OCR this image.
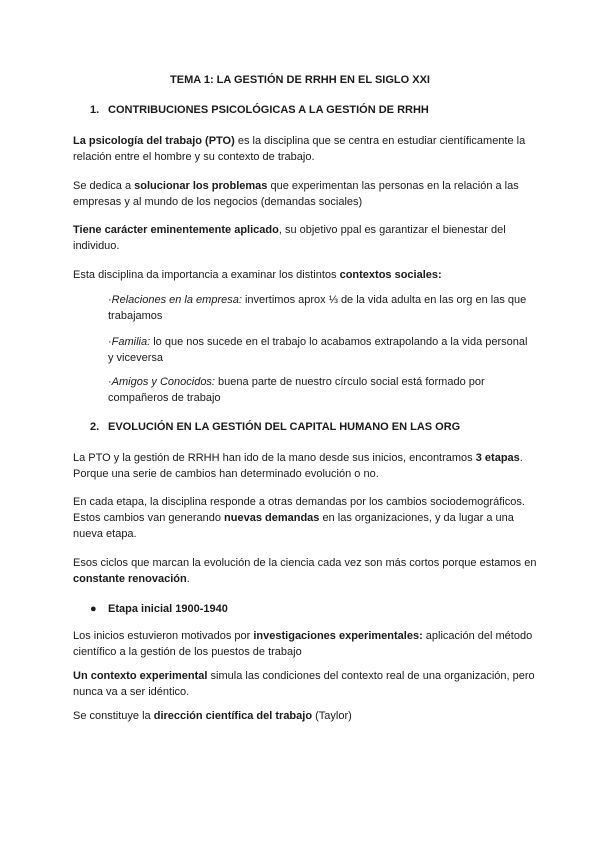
TEMA 1: LA GESTIÓN DE RRHH EN EL SIGLO XXI

1. CONTRIBUCIONES PSICOLÓGICAS A LA GESTIÓN DE RRHH

La psicología del trabajo (PTO) es la disciplina que se centra en estudiar científicamente la relación entre el hombre y su contexto de trabajo.

Se dedica a solucionar los problemas que experimentan las personas en la relación a las empresas y al mundo de los negocios (demandas sociales)

Tiene carácter eminentemente aplicado, su objetivo ppal es garantizar el bienestar del individuo.

Esta disciplina da importancia a examinar los distintos contextos sociales:

·Relaciones en la empresa: invertimos aprox ⅓ de la vida adulta en las org en las que trabajamos

·Familia: lo que nos sucede en el trabajo lo acabamos extrapolando a la vida personal y viceversa

·Amigos y Conocidos: buena parte de nuestro círculo social está formado por compañeros de trabajo

2. EVOLUCIÓN EN LA GESTIÓN DEL CAPITAL HUMANO EN LAS ORG

La PTO y la gestión de RRHH han ido de la mano desde sus inicios, encontramos 3 etapas. Porque una serie de cambios han determinado evolución o no.

En cada etapa, la disciplina responde a otras demandas por los cambios sociodemográficos. Estos cambios van generando nuevas demandas en las organizaciones, y da lugar a una nueva etapa.

Esos ciclos que marcan la evolución de la ciencia cada vez son más cortos porque estamos en constante renovación.

● Etapa inicial 1900-1940

Los inicios estuvieron motivados por investigaciones experimentales: aplicación del método científico a la gestión de los puestos de trabajo

Un contexto experimental simula las condiciones del contexto real de una organización, pero nunca va a ser idéntico.

Se constituye la dirección científica del trabajo (Taylor)
